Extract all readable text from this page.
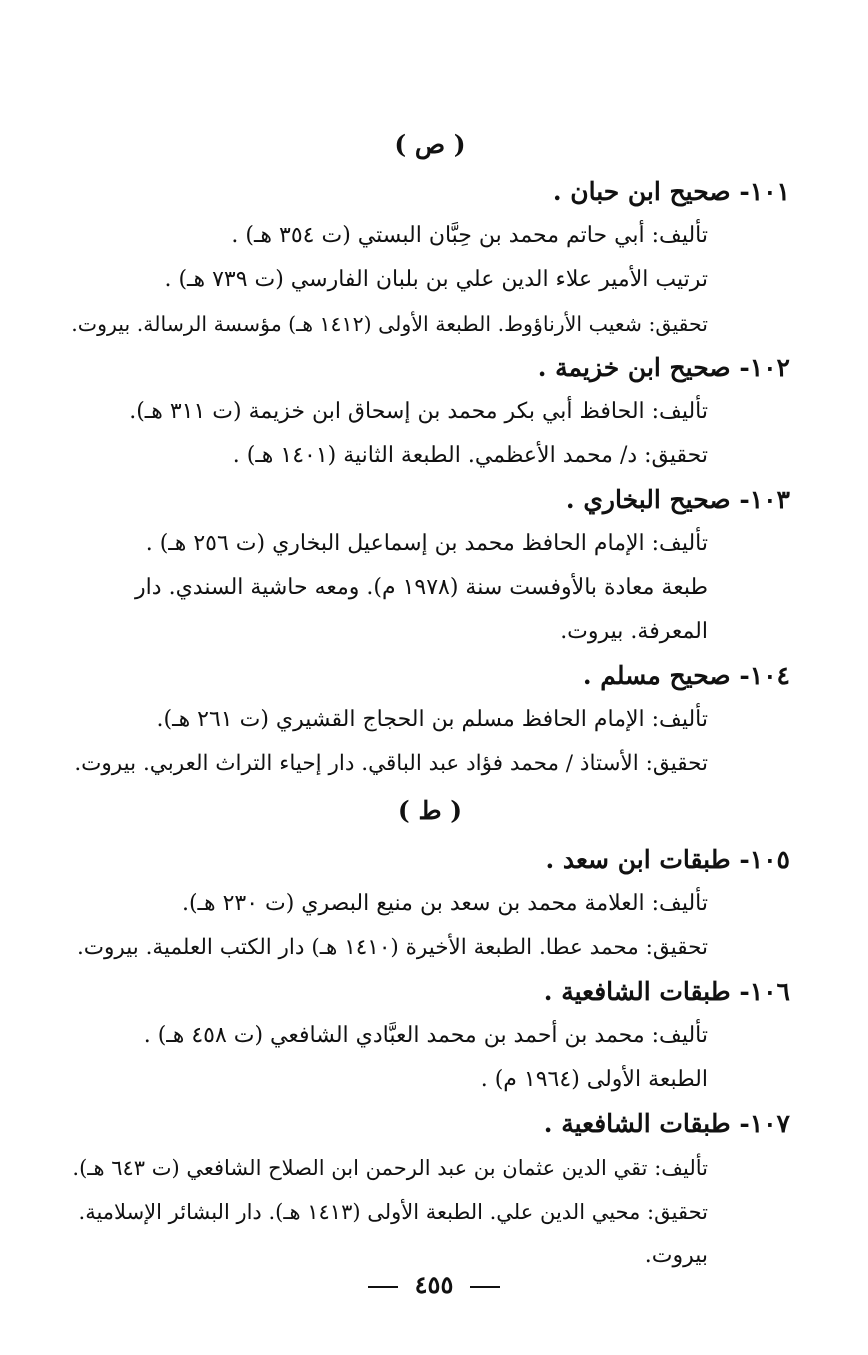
( ص )
١٠١- صحيح ابن حبان .
تأليف: أبي حاتم محمد بن حِبَّان البستي (ت ٣٥٤ هـ) .
ترتيب الأمير علاء الدين علي بن بلبان الفارسي (ت ٧٣٩ هـ) .
تحقيق: شعيب الأرناؤوط. الطبعة الأولى (١٤١٢ هـ) مؤسسة الرسالة. بيروت.
١٠٢- صحيح ابن خزيمة .
تأليف: الحافظ أبي بكر محمد بن إسحاق ابن خزيمة (ت ٣١١ هـ).
تحقيق: د/ محمد الأعظمي. الطبعة الثانية (١٤٠١ هـ) .
١٠٣- صحيح البخاري .
تأليف: الإمام الحافظ محمد بن إسماعيل البخاري (ت ٢٥٦ هـ) .
طبعة معادة بالأوفست سنة (١٩٧٨ م). ومعه حاشية السندي. دار
المعرفة. بيروت.
١٠٤- صحيح مسلم .
تأليف: الإمام الحافظ مسلم بن الحجاج القشيري (ت ٢٦١ هـ).
تحقيق: الأستاذ / محمد فؤاد عبد الباقي. دار إحياء التراث العربي. بيروت.
( ط )
١٠٥- طبقات ابن سعد .
تأليف: العلامة محمد بن سعد بن منيع البصري (ت ٢٣٠ هـ).
تحقيق: محمد عطا. الطبعة الأخيرة (١٤١٠ هـ) دار الكتب العلمية. بيروت.
١٠٦- طبقات الشافعية .
تأليف: محمد بن أحمد بن محمد العبَّادي الشافعي (ت ٤٥٨ هـ) .
الطبعة الأولى (١٩٦٤ م) .
١٠٧- طبقات الشافعية .
تأليف: تقي الدين عثمان بن عبد الرحمن ابن الصلاح الشافعي (ت ٦٤٣ هـ).
تحقيق: محيي الدين علي. الطبعة الأولى (١٤١٣ هـ). دار البشائر الإسلامية.
بيروت.
٤٥٥
